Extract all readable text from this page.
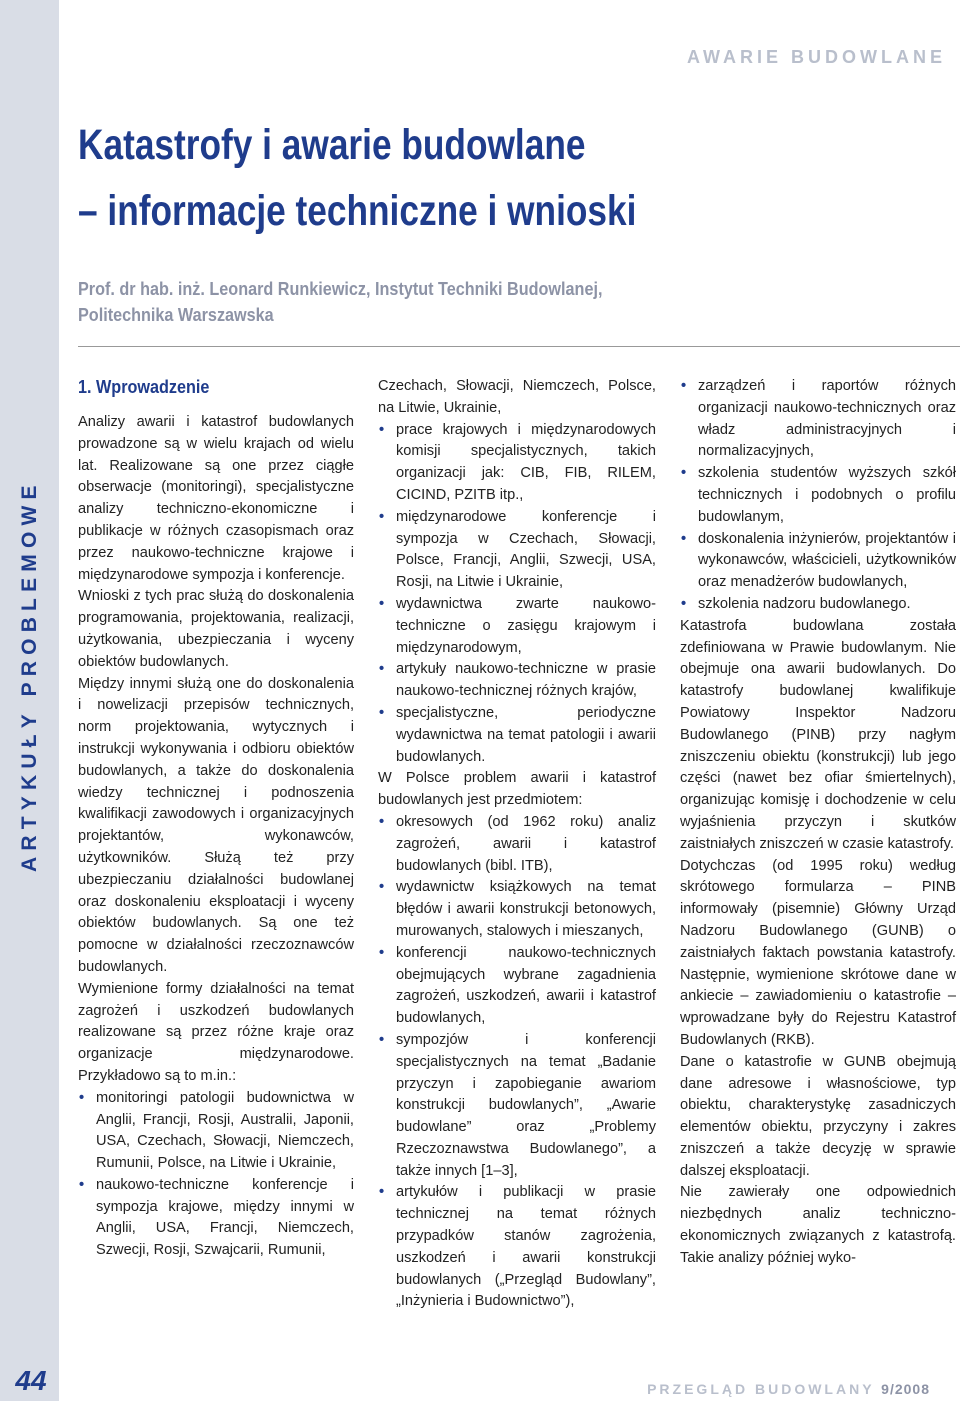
ARTYKUŁY PROBLEMOWE
44
AWARIE BUDOWLANE
Katastrofy i awarie budowlane
– informacje techniczne i wnioski

Prof. dr hab. inż. Leonard Runkiewicz, Instytut Techniki Budowlanej,
Politechnika Warszawska

1. Wprowadzenie

Analizy awarii i katastrof budowlanych prowadzone są w wielu krajach od wielu lat. Realizowane są one przez ciągłe obserwacje (monitoringi), specjalistyczne analizy techniczno-ekonomiczne i publikacje w różnych czasopismach oraz przez naukowo-techniczne krajowe i międzynarodowe sympozja i konferencje.

Wnioski z tych prac służą do doskonalenia programowania, projektowania, realizacji, użytkowania, ubezpieczania i wyceny obiektów budowlanych.

Między innymi służą one do doskonalenia i nowelizacji przepisów technicznych, norm projektowania, wytycznych i instrukcji wykonywania i odbioru obiektów budowlanych, a także do doskonalenia wiedzy technicznej i podnoszenia kwalifikacji zawodowych i organizacyjnych projektantów, wykonawców, użytkowników. Służą też przy ubezpieczaniu działalności budowlanej oraz doskonaleniu eksploatacji i wyceny obiektów budowlanych. Są one też pomocne w działalności rzeczoznawców budowlanych.

Wymienione formy działalności na temat zagrożeń i uszkodzeń budowlanych realizowane są przez różne kraje oraz organizacje międzynarodowe. Przykładowo są to m.in.:

• monitoringi patologii budownictwa w Anglii, Francji, Rosji, Australii, Japonii, USA, Czechach, Słowacji, Niemczech, Rumunii, Polsce, na Litwie i Ukrainie,

• naukowo-techniczne konferencje i sympozja krajowe, między innymi w Anglii, USA, Francji, Niemczech, Szwecji, Rosji, Szwajcarii, Rumunii,

Czechach, Słowacji, Niemczech, Polsce, na Litwie, Ukrainie,

• prace krajowych i międzynarodowych komisji specjalistycznych, takich organizacji jak: CIB, FIB, RILEM, CICIND, PZITB itp.,

• międzynarodowe konferencje i sympozja w Czechach, Słowacji, Polsce, Francji, Anglii, Szwecji, USA, Rosji, na Litwie i Ukrainie,

• wydawnictwa zwarte naukowo-techniczne o zasięgu krajowym i międzynarodowym,

• artykuły naukowo-techniczne w prasie naukowo-technicznej różnych krajów,

• specjalistyczne, periodyczne wydawnictwa na temat patologii i awarii budowlanych.

W Polsce problem awarii i katastrof budowlanych jest przedmiotem:

• okresowych (od 1962 roku) analiz zagrożeń, awarii i katastrof budowlanych (bibl. ITB),

• wydawnictw książkowych na temat błędów i awarii konstrukcji betonowych, murowanych, stalowych i mieszanych,

• konferencji naukowo-technicznych obejmujących wybrane zagadnienia zagrożeń, uszkodzeń, awarii i katastrof budowlanych,

• sympozjów i konferencji specjalistycznych na temat „Badanie przyczyn i zapobieganie awariom konstrukcji budowlanych”, „Awarie budowlane” oraz „Problemy Rzeczoznawstwa Budowlanego”, a także innych [1–3],

• artykułów i publikacji w prasie technicznej na temat różnych przypadków stanów zagrożenia, uszkodzeń i awarii konstrukcji budowlanych („Przegląd Budowlany”, „Inżynieria i Budownictwo”),

• zarządzeń i raportów różnych organizacji naukowo-technicznych oraz władz administracyjnych i normalizacyjnych,

• szkolenia studentów wyższych szkół technicznych i podobnych o profilu budowlanym,

• doskonalenia inżynierów, projektantów i wykonawców, właścicieli, użytkowników oraz menadżerów budowlanych,

• szkolenia nadzoru budowlanego.

Katastrofa budowlana została zdefiniowana w Prawie budowlanym. Nie obejmuje ona awarii budowlanych. Do katastrofy budowlanej kwalifikuje Powiatowy Inspektor Nadzoru Budowlanego (PINB) przy nagłym zniszczeniu obiektu (konstrukcji) lub jego części (nawet bez ofiar śmiertelnych), organizując komisję i dochodzenie w celu wyjaśnienia przyczyn i skutków zaistniałych zniszczeń w czasie katastrofy.

Dotychczas (od 1995 roku) według skrótowego formularza – PINB informowały (pisemnie) Główny Urząd Nadzoru Budowlanego (GUNB) o zaistniałych faktach powstania katastrofy. Następnie, wymienione skrótowe dane w ankiecie – zawiadomieniu o katastrofie – wprowadzane były do Rejestru Katastrof Budowlanych (RKB).

Dane o katastrofie w GUNB obejmują dane adresowe i własnościowe, typ obiektu, charakterystykę zasadniczych elementów obiektu, przyczyny i zakres zniszczeń a także decyzję w sprawie dalszej eksploatacji.

Nie zawierały one odpowiednich niezbędnych analiz techniczno-ekonomicznych związanych z katastrofą. Takie analizy później wyko-

PRZEGLĄD BUDOWLANY 9/2008
